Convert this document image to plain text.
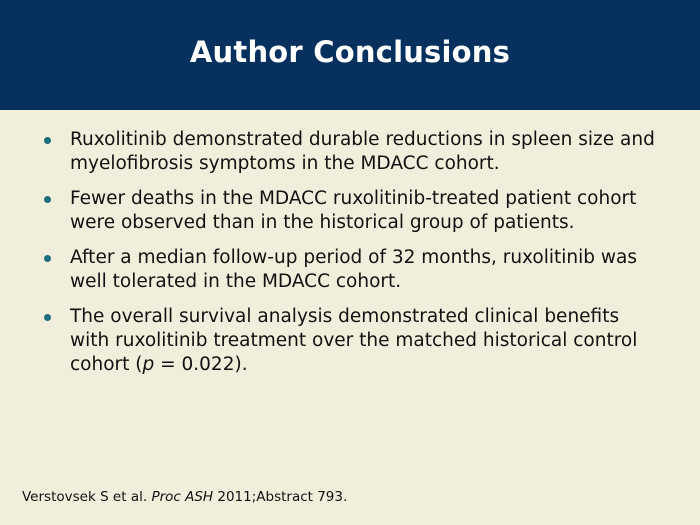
Author Conclusions
Ruxolitinib demonstrated durable reductions in spleen size and myelofibrosis symptoms in the MDACC cohort.
Fewer deaths in the MDACC ruxolitinib-treated patient cohort were observed than in the historical group of patients.
After a median follow-up period of 32 months, ruxolitinib was well tolerated in the MDACC cohort.
The overall survival analysis demonstrated clinical benefits with ruxolitinib treatment over the matched historical control cohort (p = 0.022).
Verstovsek S et al. Proc ASH 2011;Abstract 793.
